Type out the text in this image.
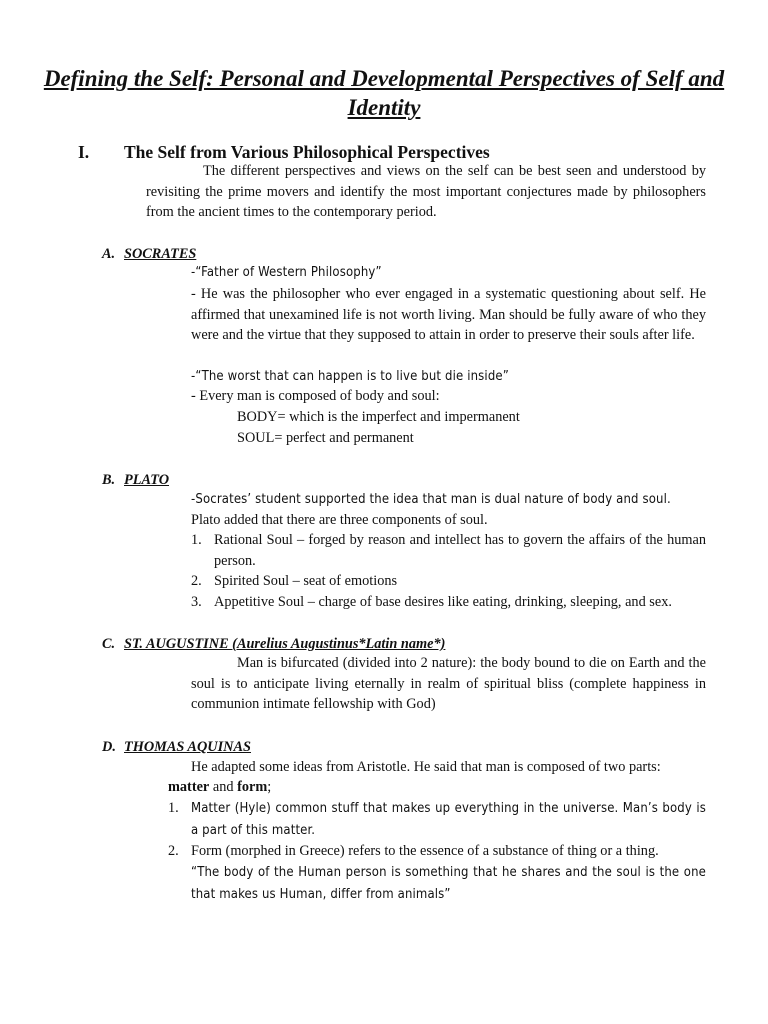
Defining the Self: Personal and Developmental Perspectives of Self and Identity
I. The Self from Various Philosophical Perspectives

The different perspectives and views on the self can be best seen and understood by revisiting the prime movers and identify the most important conjectures made by philosophers from the ancient times to the contemporary period.

A. SOCRATES
-“Father of Western Philosophy”

- He was the philosopher who ever engaged in a systematic questioning about self. He affirmed that unexamined life is not worth living. Man should be fully aware of who they were and the virtue that they supposed to attain in order to preserve their souls after life.

-“The worst that can happen is to live but die inside”
- Every man is composed of body and soul:
BODY= which is the imperfect and impermanent
SOUL= perfect and permanent
B. PLATO
-Socrates’ student supported the idea that man is dual nature of body and soul.
Plato added that there are three components of soul.
1. Rational Soul – forged by reason and intellect has to govern the affairs of the human person.
2. Spirited Soul – seat of emotions
3. Appetitive Soul – charge of base desires like eating, drinking, sleeping, and sex.
C. ST. AUGUSTINE (Aurelius Augustinus*Latin name*)

Man is bifurcated (divided into 2 nature): the body bound to die on Earth and the soul is to anticipate living eternally in realm of spiritual bliss (complete happiness in communion intimate fellowship with God)

D. THOMAS AQUINAS

He adapted some ideas from Aristotle. He said that man is composed of two parts:
matter and form;
1. Matter (Hyle) common stuff that makes up everything in the universe. Man’s body is a part of this matter.
2. Form (morphed in Greece) refers to the essence of a substance of thing or a thing.
“The body of the Human person is something that he shares and the soul is the one that makes us Human, differ from animals”
